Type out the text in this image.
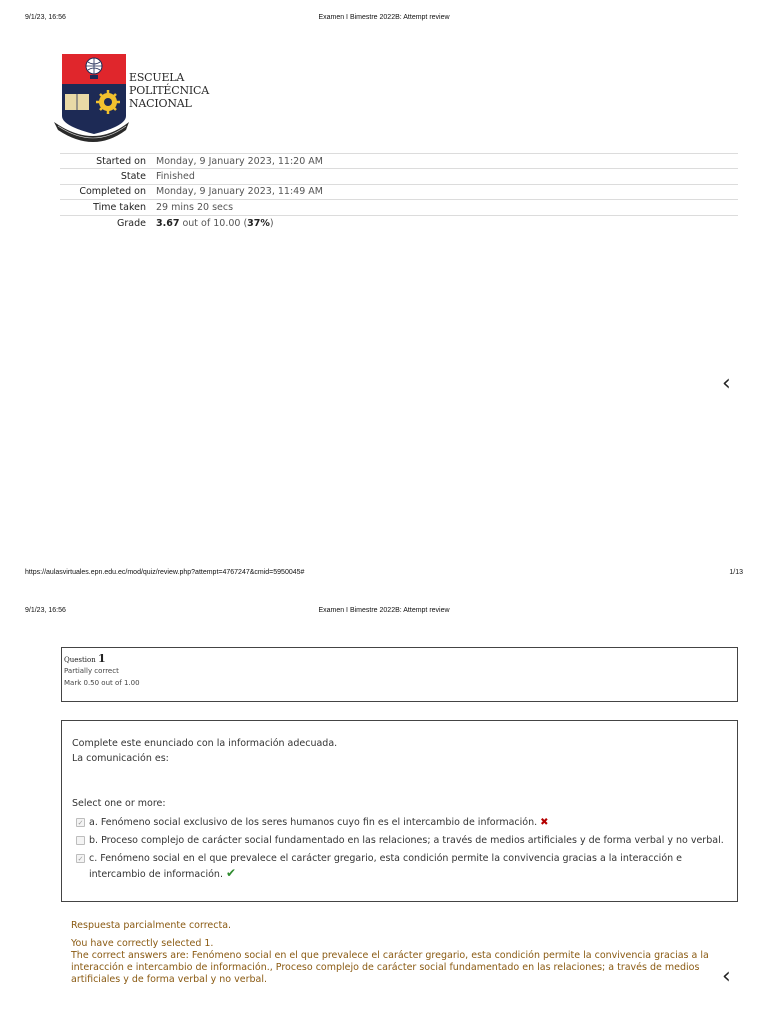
9/1/23, 16:56	Examen I Bimestre 2022B: Attempt review
ESCUELA
POLITÉCNICA
NACIONAL
Started on	Monday, 9 January 2023, 11:20 AM
State	Finished
Completed on	Monday, 9 January 2023, 11:49 AM
Time taken	29 mins 20 secs
Grade	3.67 out of 10.00 (37%)
‹
https://aulasvirtuales.epn.edu.ec/mod/quiz/review.php?attempt=4767247&cmid=5950045#	1/13
9/1/23, 16:56	Examen I Bimestre 2022B: Attempt review
Question 1
Partially correct
Mark 0.50 out of 1.00
Complete este enunciado con la información adecuada.
La comunicación es:
Select one or more:
✓ a. Fenómeno social exclusivo de los seres humanos cuyo fin es el intercambio de información. ✖
b. Proceso complejo de carácter social fundamentado en las relaciones; a través de medios artificiales y de forma verbal y no verbal.
✓ c. Fenómeno social en el que prevalece el carácter gregario, esta condición permite la convivencia gracias a la interacción e intercambio de información. ✔
Respuesta parcialmente correcta.
You have correctly selected 1.
The correct answers are: Fenómeno social en el que prevalece el carácter gregario, esta condición permite la convivencia gracias a la interacción e intercambio de información., Proceso complejo de carácter social fundamentado en las relaciones; a través de medios artificiales y de forma verbal y no verbal.	‹
